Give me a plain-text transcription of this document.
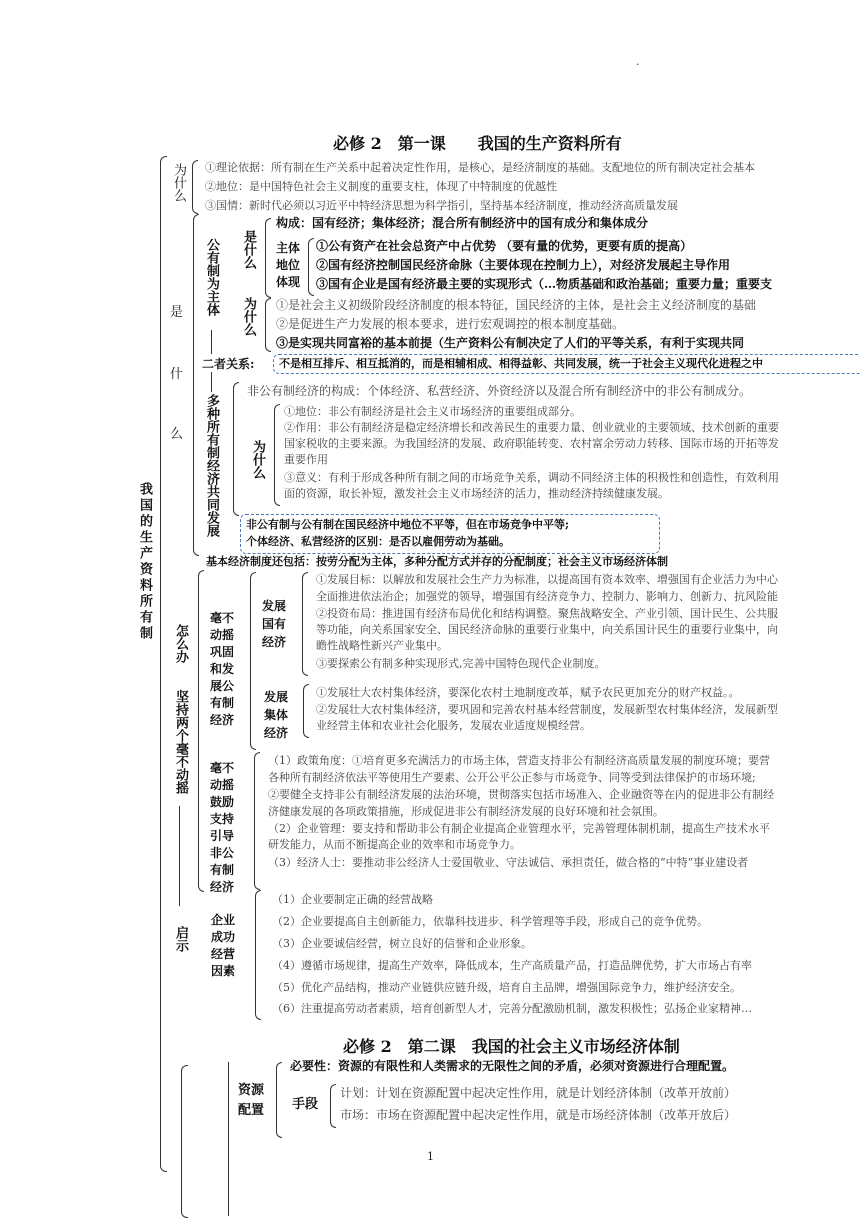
·
必修 2　第一课　　我国的生产资料所有
我国的生产资料所有制
为什么 ①理论依据：所有制在生产关系中起着决定性作用，是核心，是经济制度的基础。支配地位的所有制决定社会基本
②地位：是中国特色社会主义制度的重要支柱，体现了中特制度的优越性
③国情：新时代必须以习近平中特经济思想为科学指引，坚持基本经济制度，推动经济高质量发展
是
什
么
公有制为主体
构成：国有经济；集体经济；混合所有制经济中的国有成分和集体成分
是什么 主体地位体现
①公有资产在社会总资产中占优势 （要有量的优势，更要有质的提高）
②国有经济控制国民经济命脉（主要体现在控制力上），对经济发展起主导作用
③国有企业是国有经济最主要的实现形式（…物质基础和政治基础；重要力量；重要支
为什么 ①是社会主义初级阶段经济制度的根本特征，国民经济的主体，是社会主义经济制度的基础
②是促进生产力发展的根本要求，进行宏观调控的根本制度基础。
③是实现共同富裕的基本前提（生产资料公有制决定了人们的平等关系，有利于实现共同
二者关系: 不是相互排斥、相互抵消的，而是相辅相成、相得益彰、共同发展，统一于社会主义现代化进程之中
多种所有制经济共同发展
非公有制经济的构成：个体经济、私营经济、外资经济以及混合所有制经济中的非公有制成分。
为什么
①地位：非公有制经济是社会主义市场经济的重要组成部分。
②作用：非公有制经济是稳定经济增长和改善民生的重要力量、创业就业的主要领域、技术创新的重要
国家税收的主要来源。为我国经济的发展、政府职能转变、农村富余劳动力转移、国际市场的开拓等发
重要作用
③意义：有利于形成各种所有制之间的市场竞争关系，调动不同经济主体的积极性和创造性，有效利用
面的资源，取长补短，激发社会主义市场经济的活力，推动经济持续健康发展。
非公有制与公有制在国民经济中地位不平等，但在市场竞争中平等;
个体经济、私营经济的区别：是否以雇佣劳动为基础。
基本经济制度还包括：按劳分配为主体，多种分配方式并存的分配制度；社会主义市场经济体制
怎么办
坚持两个毫不动摇
毫不动摇巩固和发展公有制经济
发展国有经济
①发展目标：以解放和发展社会生产力为标准，以提高国有资本效率、增强国有企业活力为中心
全面推进依法治企；加强党的领导，增强国有经济竞争力、控制力、影响力、创新力、抗风险能
②投资布局：推进国有经济布局优化和结构调整。聚焦战略安全、产业引领、国计民生、公共服
等功能，向关系国家安全、国民经济命脉的重要行业集中，向关系国计民生的重要行业集中，向
瞻性战略性新兴产业集中。
③要探索公有制多种实现形式,完善中国特色现代企业制度。
发展集体经济
①发展壮大农村集体经济，要深化农村土地制度改革，赋予农民更加充分的财产权益。。
②发展壮大农村集体经济，要巩固和完善农村基本经营制度，发展新型农村集体经济，发展新型
业经营主体和农业社会化服务，发展农业适度规模经营。
毫不动摇鼓励支持引导非公有制经济
（1）政策角度：①培育更多充满活力的市场主体，营造支持非公有制经济高质量发展的制度环境；要营
各种所有制经济依法平等使用生产要素、公开公平公正参与市场竞争、同等受到法律保护的市场环境;
②要健全支持非公有制经济发展的法治环境，贯彻落实包括市场准入、企业融资等在内的促进非公有制经
济健康发展的各项政策措施，形成促进非公有制经济发展的良好环境和社会氛围。
（2）企业管理：要支持和帮助非公有制企业提高企业管理水平，完善管理体制机制，提高生产技术水平
研发能力，从而不断提高企业的效率和市场竞争力。
（3）经济人士：要推动非公经济人士爱国敬业、守法诚信、承担责任，做合格的“中特”事业建设者
启示
企业成功经营因素
（1）企业要制定正确的经营战略
（2）企业要提高自主创新能力，依靠科技进步、科学管理等手段，形成自己的竞争优势。
（3）企业要诚信经营，树立良好的信誉和企业形象。
（4）遵循市场规律，提高生产效率，降低成本，生产高质量产品，打造品牌优势，扩大市场占有率
（5）优化产品结构，推动产业链供应链升级，培育自主品牌，增强国际竞争力，维护经济安全。
（6）注重提高劳动者素质，培育创新型人才，完善分配激励机制，激发积极性；弘扬企业家精神…
必修 2　第二课　我国的社会主义市场经济体制
资源配置
必要性：资源的有限性和人类需求的无限性之间的矛盾，必须对资源进行合理配置。
手段
计划：计划在资源配置中起决定性作用，就是计划经济体制（改革开放前）
市场：市场在资源配置中起决定性作用，就是市场经济体制（改革开放后）
1
